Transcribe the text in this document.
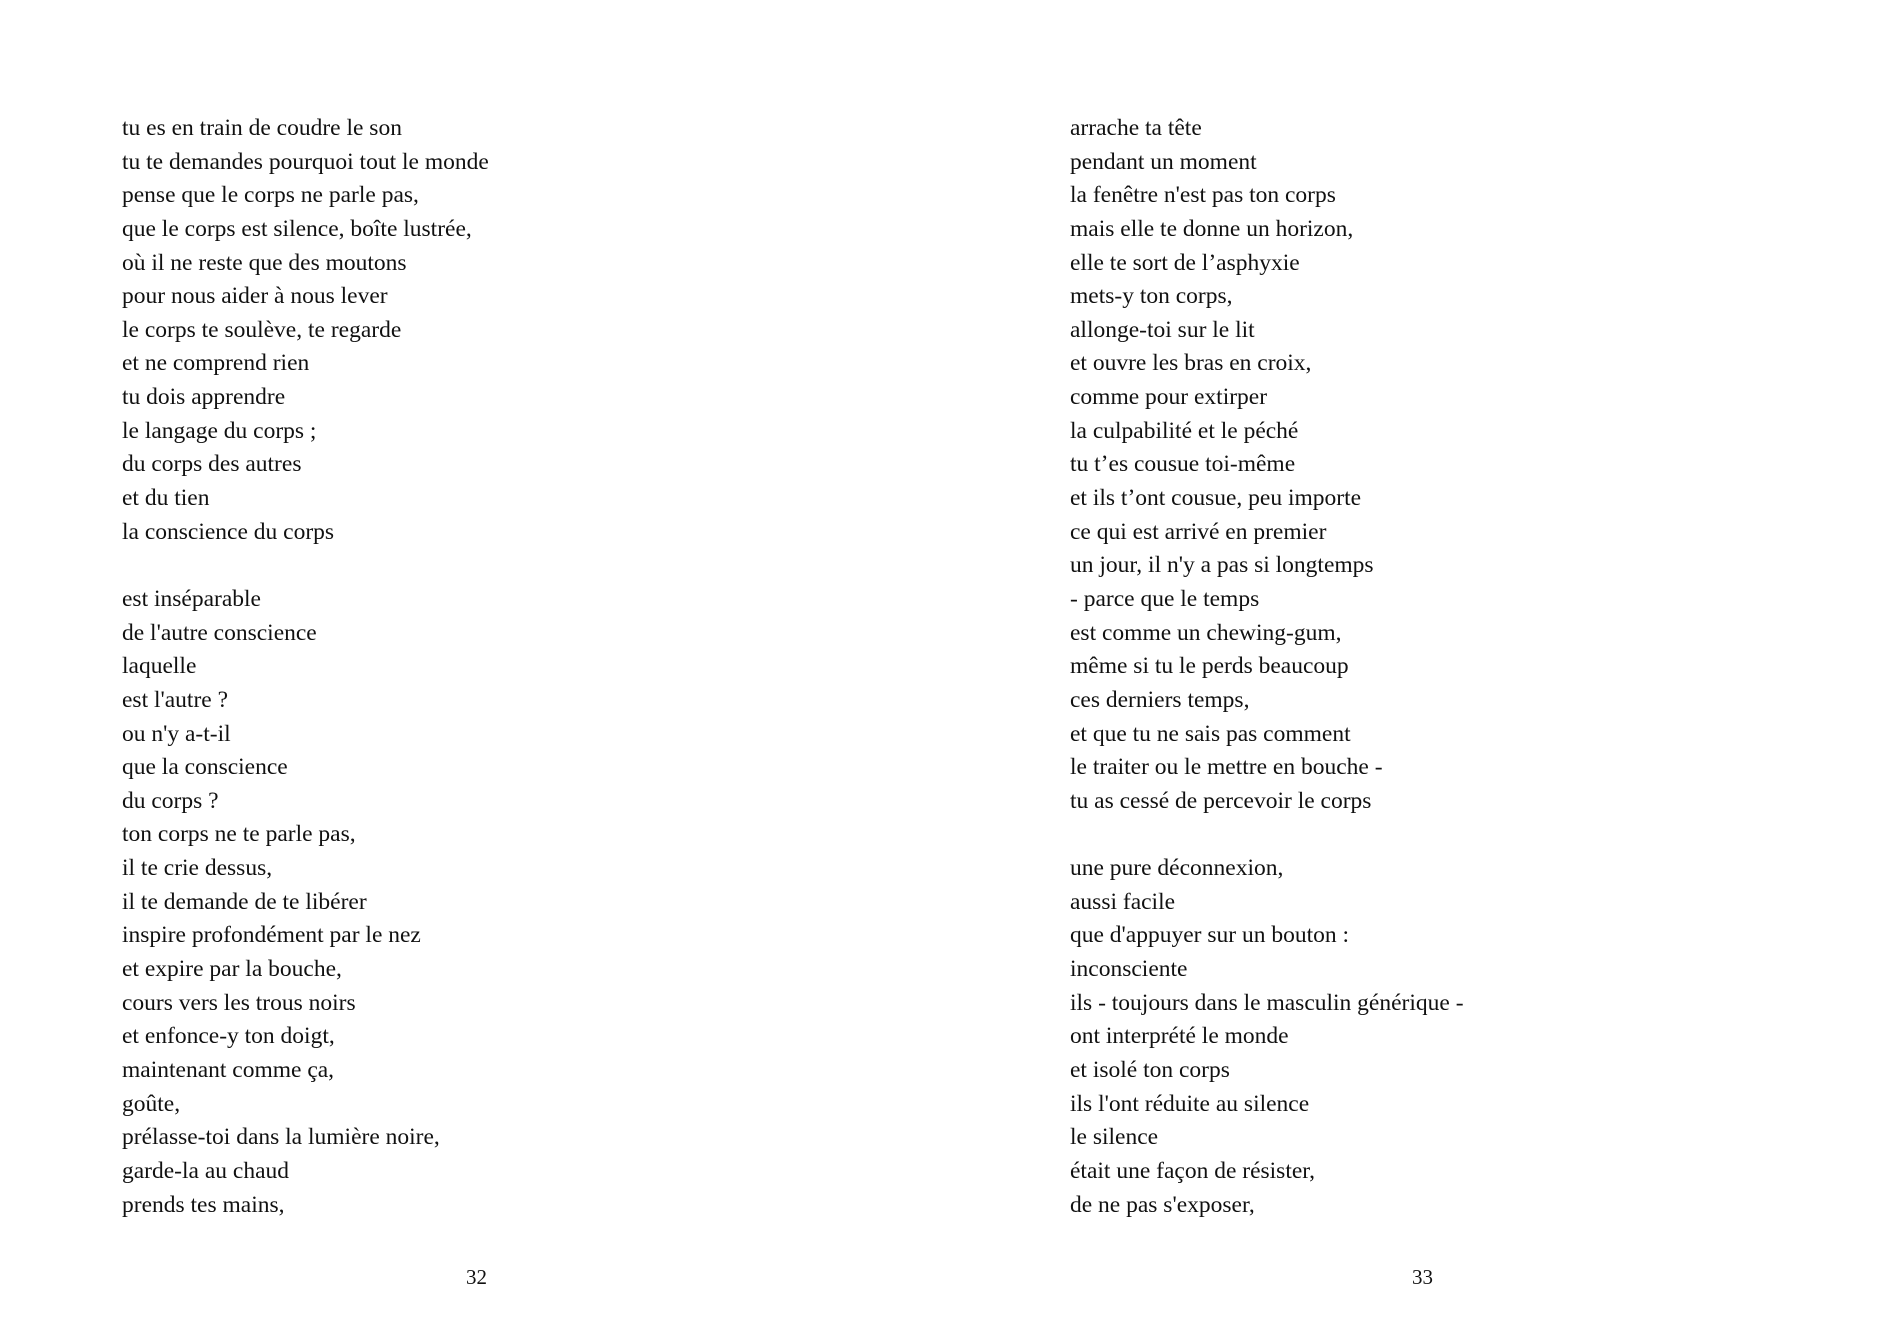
tu es en train de coudre le son
tu te demandes pourquoi tout le monde
pense que le corps ne parle pas,
que le corps est silence, boîte lustrée,
où il ne reste que des moutons
pour nous aider à nous lever
le corps te soulève, te regarde
et ne comprend rien
tu dois apprendre
le langage du corps ;
du corps des autres
et du tien
la conscience du corps
est inséparable
de l'autre conscience
laquelle
est l'autre ?
ou n'y a-t-il
que la conscience
du corps ?
ton corps ne te parle pas,
il te crie dessus,
il te demande de te libérer
inspire profondément par le nez
et expire par la bouche,
cours vers les trous noirs
et enfonce-y ton doigt,
maintenant comme ça,
goûte,
prélasse-toi dans la lumière noire,
garde-la au chaud
prends tes mains,
32
arrache ta tête
pendant un moment
la fenêtre n'est pas ton corps
mais elle te donne un horizon,
elle te sort de l’asphyxie
mets-y ton corps,
allonge-toi sur le lit
et ouvre les bras en croix,
comme pour extirper
la culpabilité et le péché
tu t’es cousue toi-même
et ils t’ont cousue, peu importe
ce qui est arrivé en premier
un jour, il n'y a pas si longtemps
- parce que le temps
est comme un chewing-gum,
même si tu le perds beaucoup
ces derniers temps,
et que tu ne sais pas comment
le traiter ou le mettre en bouche -
tu as cessé de percevoir le corps
une pure déconnexion,
aussi facile
que d'appuyer sur un bouton :
inconsciente
ils - toujours dans le masculin générique -
ont interprété le monde
et isolé ton corps
ils l'ont réduite au silence
le silence
était une façon de résister,
de ne pas s'exposer,
33
